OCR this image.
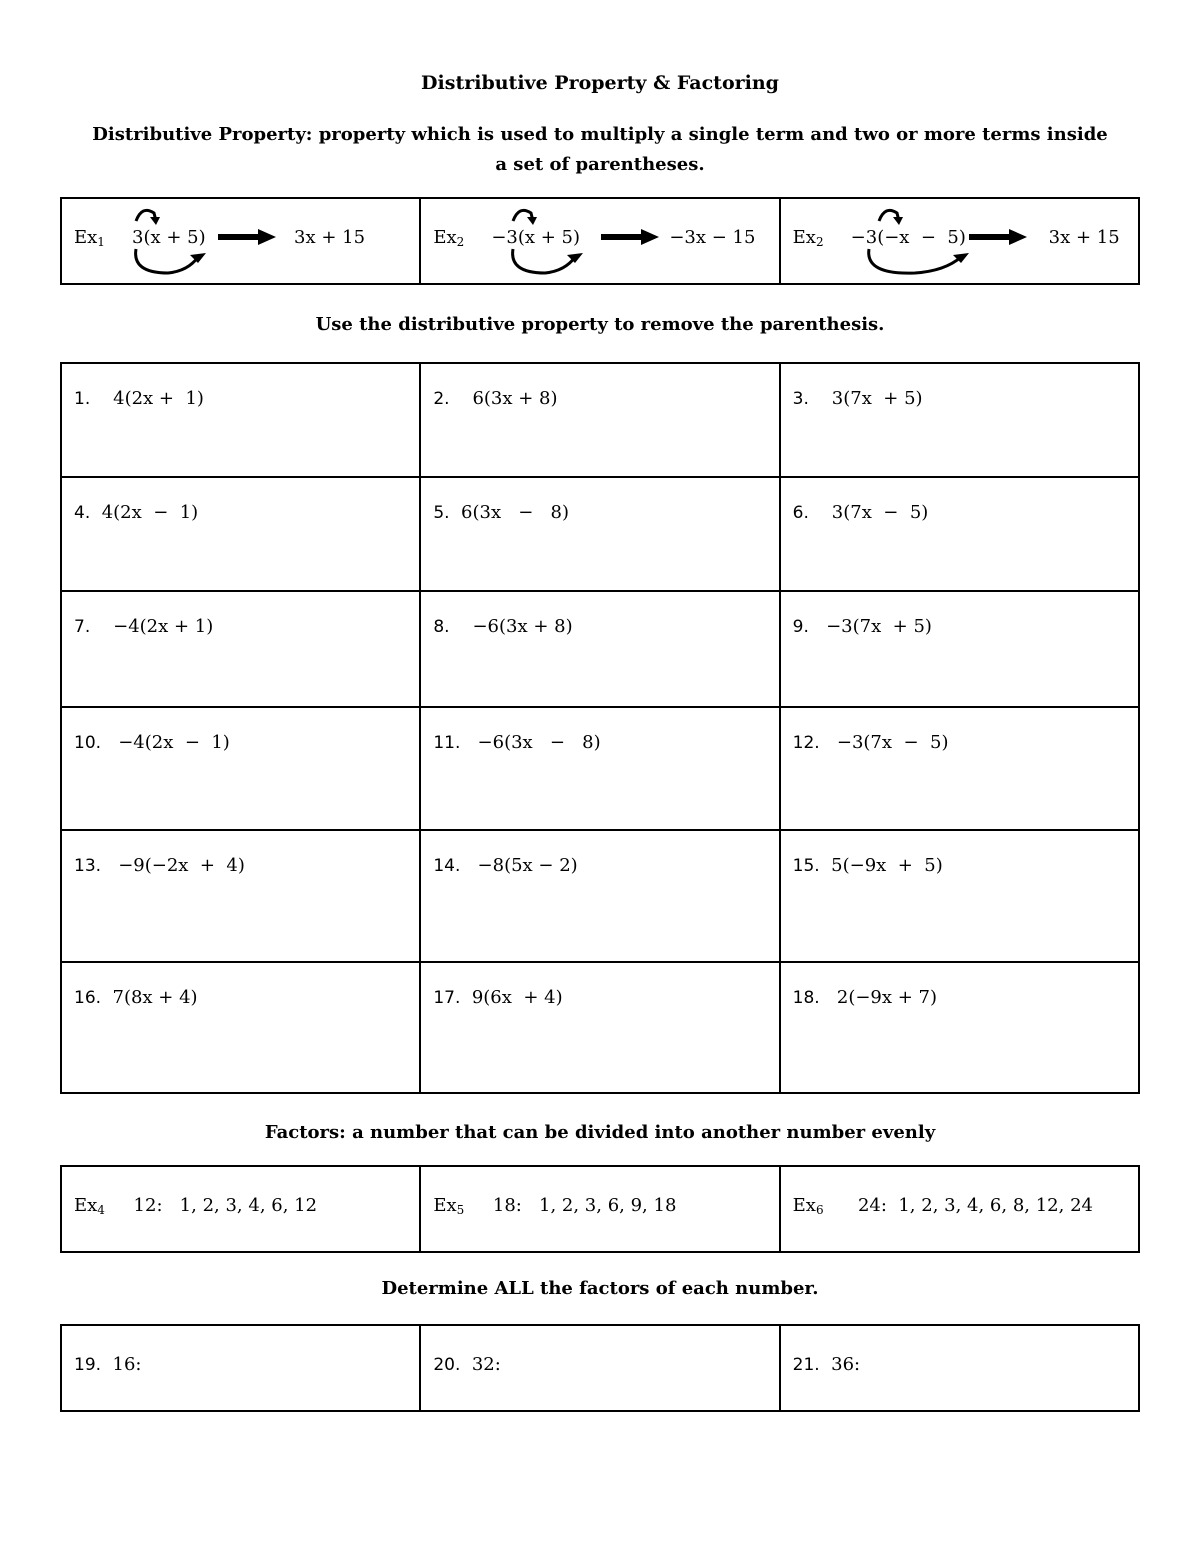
Distributive Property & Factoring
Distributive Property: property which is used to multiply a single term and two or more terms inside a set of parentheses.
$Ex_1$ 3(x + 5)	3x + 15	$Ex_2 -3(x + 5)$	−3x − 15	$Ex_2 -3(-x - 5)$	3x + 15
Use the distributive property to remove the parenthesis.
1. 4(2x +  1)	2. 6(3x + 8)	3. 3(7x  + 5)

4. 4(2x  −  1)	5. 6(3x   −   8)	6. 3(7x  −  5)

7. −4(2x + 1)	8. −6(3x + 8)	9. −3(7x  + 5)

10. −4(2x  −  1)	11. −6(3x   −   8)	12. −3(7x  −  5)

13. −9(−2x  +  4)	14. −8(5x − 2)	15. 5(−9x  +  5)

16. 7(8x + 4)	17. 9(6x  + 4)	18. 2(−9x + 7)
Factors: a number that can be divided into another number evenly
$Ex_4$ 12:   1, 2, 3, 4, 6, 12	$Ex_5$ 18:   1, 2, 3, 6, 9, 18	$Ex_6$ 24:  1, 2, 3, 4, 6, 8, 12, 24
Determine ALL the factors of each number.
19. 16:	20. 32:	21. 36:
